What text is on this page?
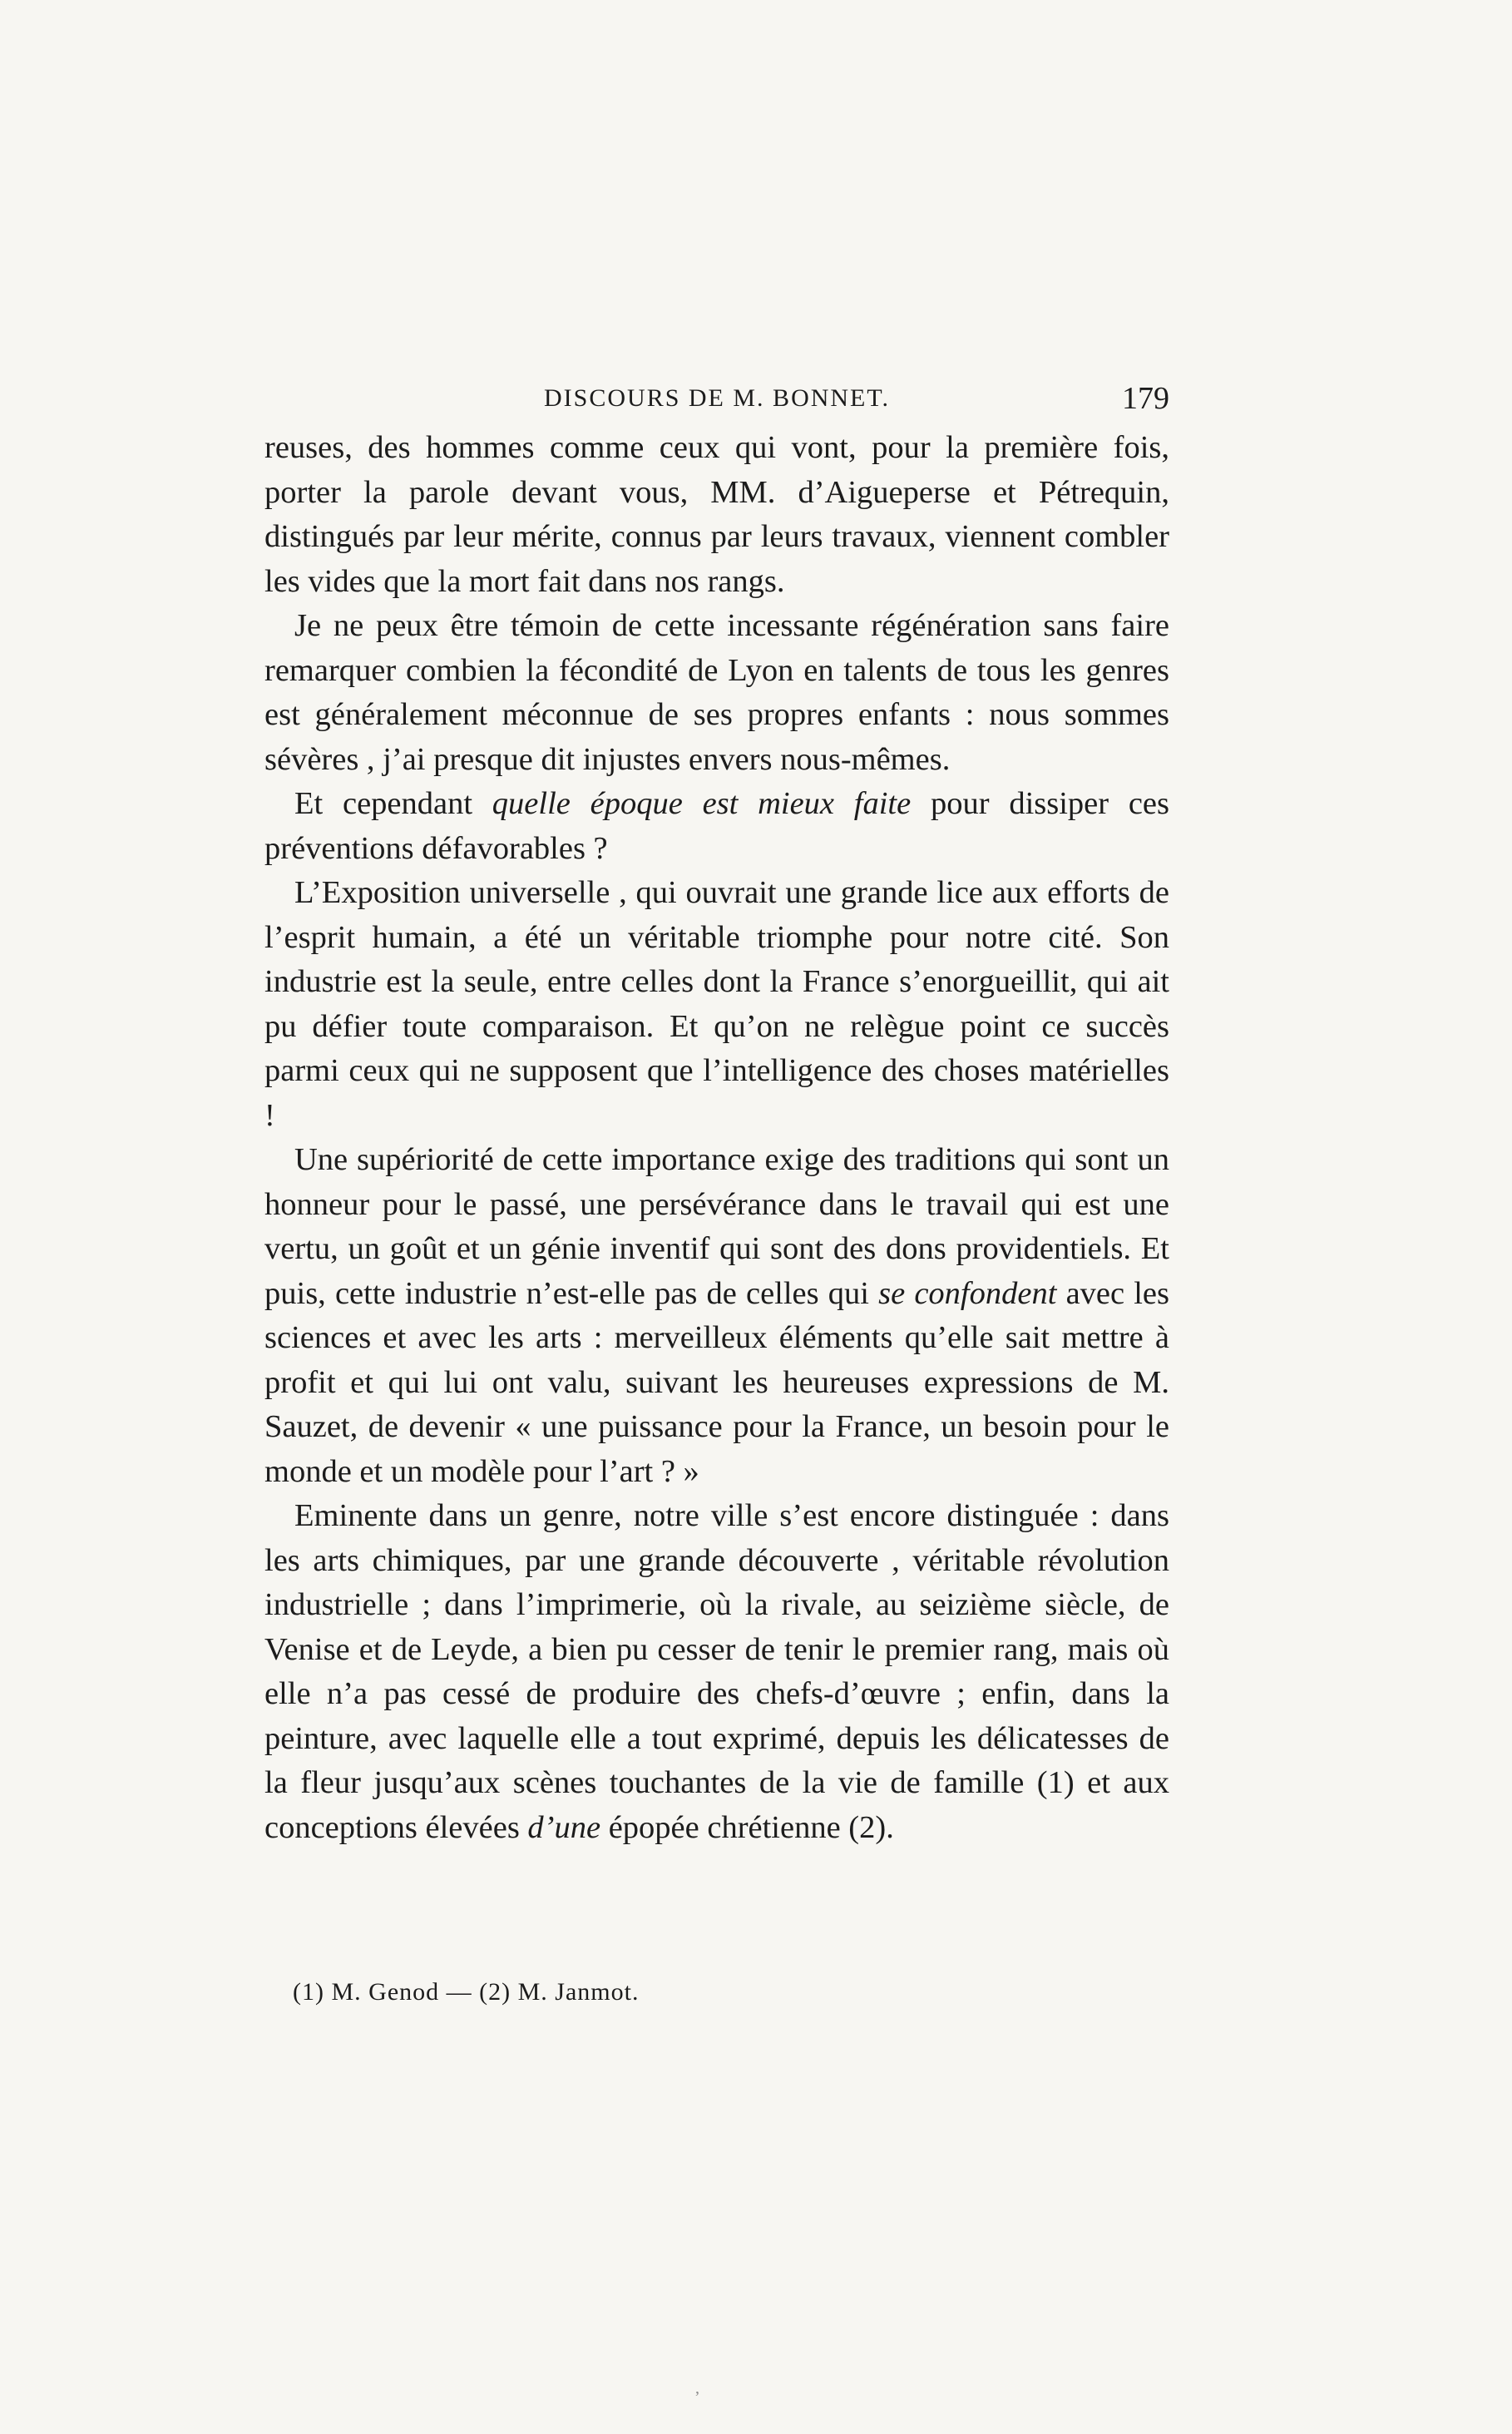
DISCOURS DE M. BONNET.	179

reuses, des hommes comme ceux qui vont, pour la première fois, porter la parole devant vous, MM. d’Aigueperse et Pétrequin, distingués par leur mérite, connus par leurs travaux, viennent combler les vides que la mort fait dans nos rangs.

Je ne peux être témoin de cette incessante régénération sans faire remarquer combien la fécondité de Lyon en talents de tous les genres est généralement méconnue de ses propres enfants : nous sommes sévères , j’ai presque dit injustes envers nous-mêmes.

Et cependant quelle époque est mieux faite pour dissiper ces préventions défavorables ?

L’Exposition universelle , qui ouvrait une grande lice aux efforts de l’esprit humain, a été un véritable triomphe pour notre cité. Son industrie est la seule, entre celles dont la France s’enorgueillit, qui ait pu défier toute comparaison. Et qu’on ne relègue point ce succès parmi ceux qui ne supposent que l’intelligence des choses matérielles !

Une supériorité de cette importance exige des traditions qui sont un honneur pour le passé, une persévérance dans le travail qui est une vertu, un goût et un génie inventif qui sont des dons providentiels. Et puis, cette industrie n’est-elle pas de celles qui se confondent avec les sciences et avec les arts : merveilleux éléments qu’elle sait mettre à profit et qui lui ont valu, suivant les heureuses expressions de M. Sauzet, de devenir « une puissance pour la France, un besoin pour le monde et un modèle pour l’art ? »

Eminente dans un genre, notre ville s’est encore distinguée : dans les arts chimiques, par une grande découverte , véritable révolution industrielle ; dans l’imprimerie, où la rivale, au seizième siècle, de Venise et de Leyde, a bien pu cesser de tenir le premier rang, mais où elle n’a pas cessé de produire des chefs-d’œuvre ; enfin, dans la peinture, avec laquelle elle a tout exprimé, depuis les délicatesses de la fleur jusqu’aux scènes touchantes de la vie de famille (1) et aux conceptions élevées d’une épopée chrétienne (2).

(1) M. Genod — (2) M. Janmot.
,
